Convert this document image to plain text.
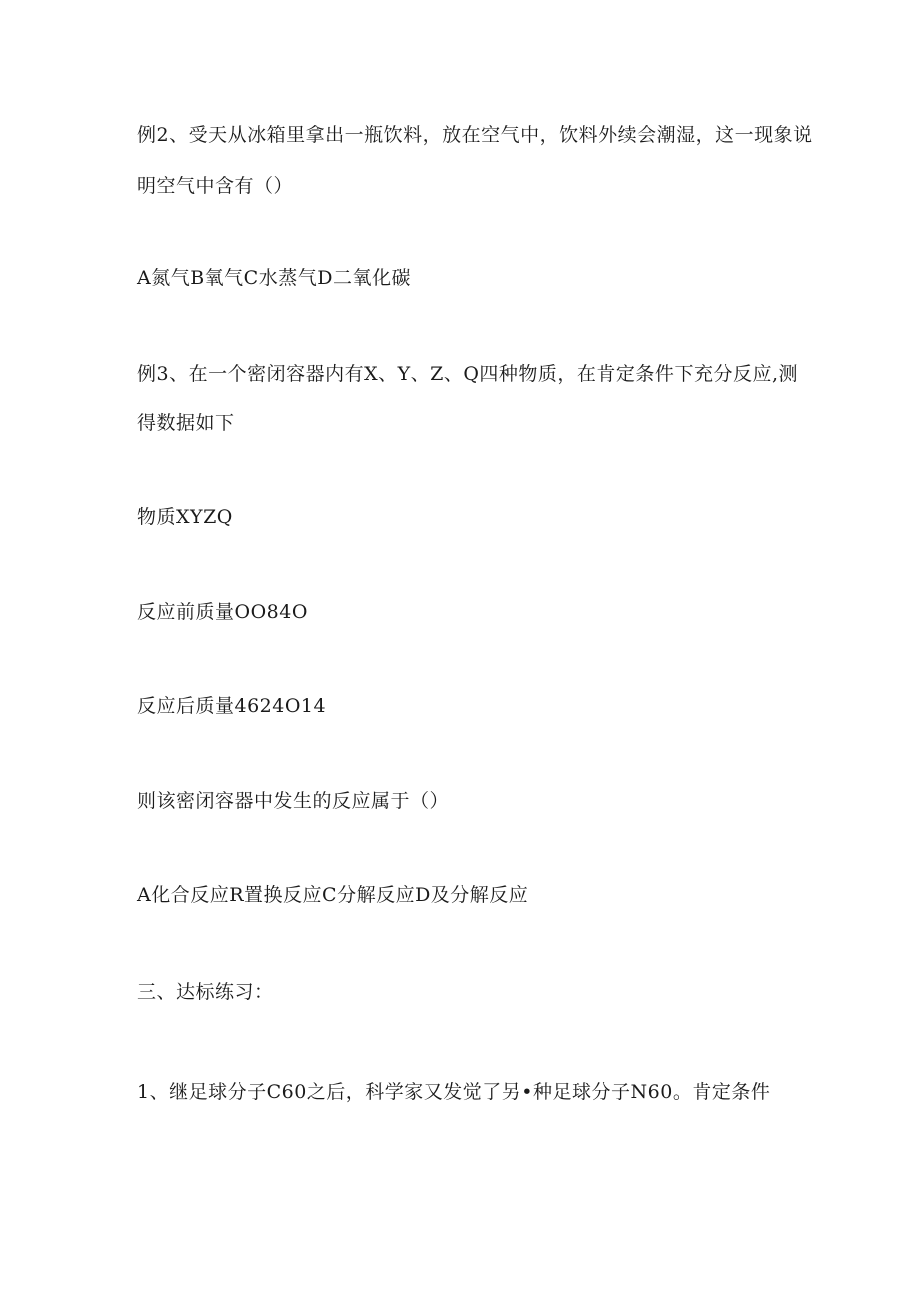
例2、受天从冰箱里拿出一瓶饮料，放在空气中，饮料外续会潮湿，这一现象说
明空气中含有（）
A氮气B氧气C水蒸气D二氧化碳
例3、在一个密闭容器内有X、Y、Z、Q四种物质，在肯定条件下充分反应,测
得数据如下
物质XYZQ
反应前质量OO84O
反应后质量4624O14
则该密闭容器中发生的反应属于（）
A化合反应R置换反应C分解反应D及分解反应
三、达标练习：
1、继足球分子C60之后，科学家又发觉了另•种足球分子N60。肯定条件
